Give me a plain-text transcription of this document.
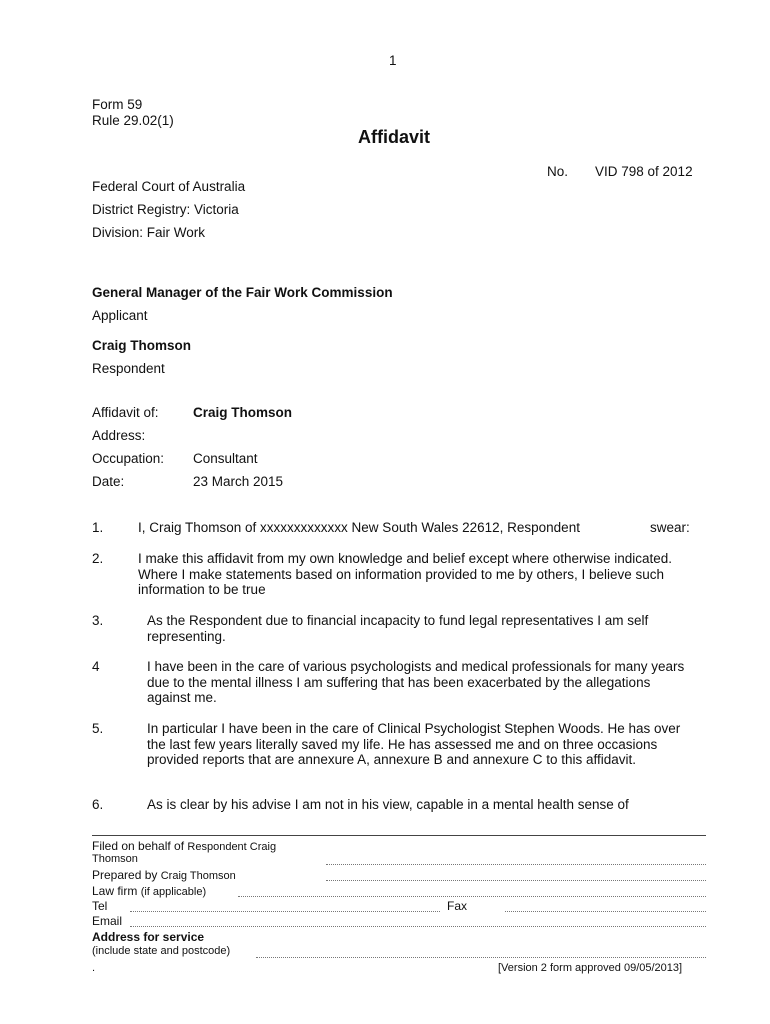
1
Form 59
Rule 29.02(1)
Affidavit
No. VID 798 of 2012
Federal Court of Australia
District Registry: Victoria
Division: Fair Work
General Manager of the Fair Work Commission
Applicant
Craig Thomson
Respondent
Affidavit of:	Craig Thomson
Address:
Occupation: Consultant
Date:	23 March 2015
1.	I, Craig Thomson of xxxxxxxxxxxxx New South Wales 22612, Respondent	swear:
2.	I make this affidavit from my own knowledge and belief except where otherwise indicated. Where I make statements based on information provided to me by others, I believe such information to be true
3.	As the Respondent due to financial incapacity to fund legal representatives I am self representing.
4	I have been in the care of various psychologists and medical professionals for many years due to the mental illness I am suffering that has been exacerbated by the allegations against me.
5.	In particular I have been in the care of Clinical Psychologist Stephen Woods. He has over the last few years literally saved my life. He has assessed me and on three occasions provided reports that are annexure A, annexure B and annexure C to this affidavit.
6.	As is clear by his advise I am not in his view, capable in a mental health sense of
Filed on behalf of Respondent Craig
Thomson
Prepared by Craig Thomson
Law firm (if applicable)
Tel	Fax
Email
Address for service
(include state and postcode)
.	[Version 2 form approved 09/05/2013]
